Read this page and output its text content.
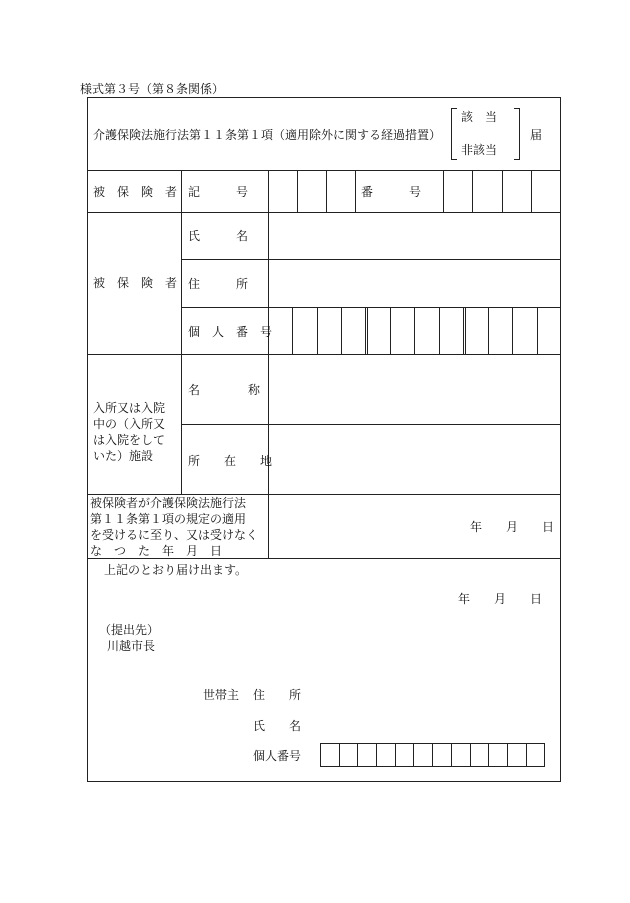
様式第３号（第８条関係）
介護保険法施行法第１１条第１項（適用除外に関する経過措置）
該　当
非該当
届
被　保　険　者 記　　　号	番　　　号
被　保　険　者
氏　　　名
住　　　所
個　人　番　号
入所又は入院
中の（入所又
は入院をして
いた）施設
名　　　　称
所　　在　　地
被保険者が介護保険法施行法
第１１条第１項の規定の適用
を受けるに至り、又は受けなく
な　つ　た　年　月　日
年　　月　　日
上記のとおり届け出ます。
年　　月　　日
（提出先）
川越市長
世帯主 住　　所
氏　　名
個人番号
